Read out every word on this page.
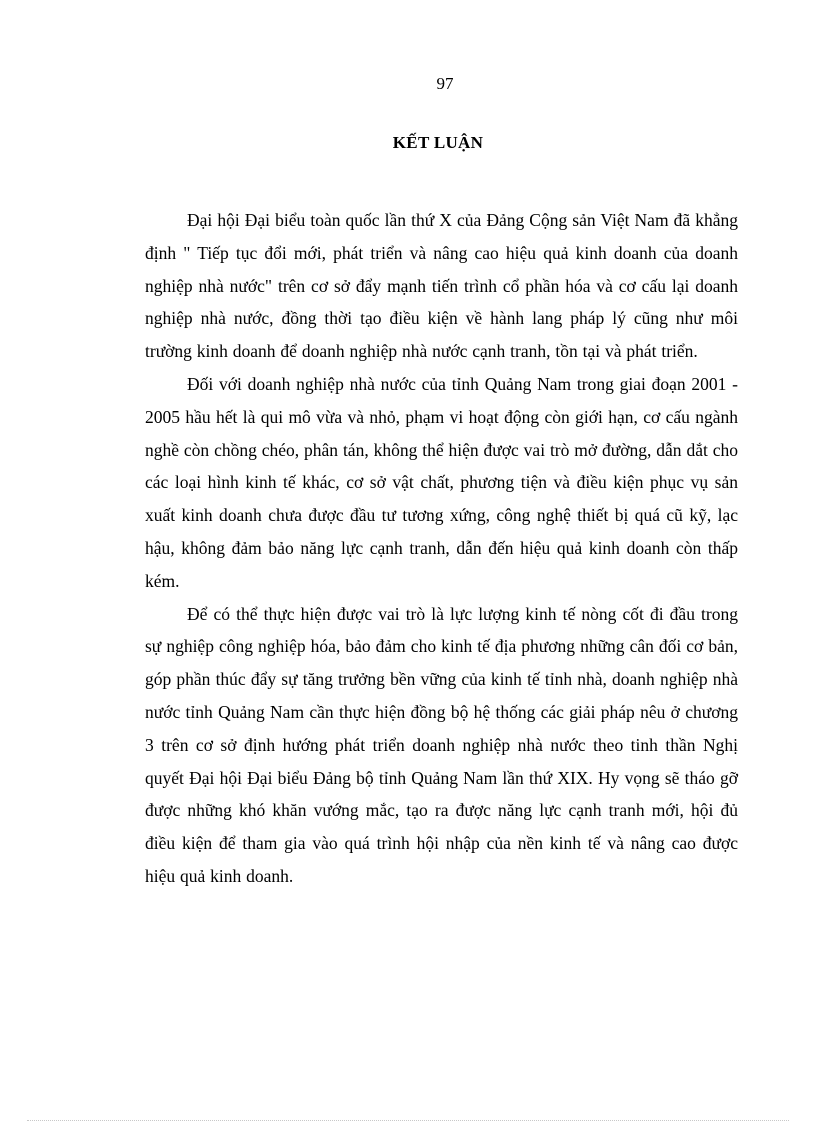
97
KẾT LUẬN

Đại hội Đại biểu toàn quốc lần thứ X của Đảng Cộng sản Việt Nam đã khẳng định " Tiếp tục đổi mới, phát triển và nâng cao hiệu quả kinh doanh của doanh nghiệp nhà nước" trên cơ sở đẩy mạnh tiến trình cổ phần hóa và cơ cấu lại doanh nghiệp nhà nước, đồng thời tạo điều kiện về hành lang pháp lý cũng như môi trường kinh doanh để doanh nghiệp nhà nước cạnh tranh, tồn tại và phát triển.

Đối với doanh nghiệp nhà nước của tỉnh Quảng Nam trong giai đoạn 2001 - 2005 hầu hết là qui mô vừa và nhỏ, phạm vi hoạt động còn giới hạn, cơ cấu ngành nghề còn chồng chéo, phân tán, không thể hiện được vai trò mở đường, dẫn dắt cho các loại hình kinh tế khác, cơ sở vật chất, phương tiện và điều kiện phục vụ sản xuất kinh doanh chưa được đầu tư tương xứng, công nghệ thiết bị quá cũ kỹ, lạc hậu, không đảm bảo năng lực cạnh tranh, dẫn đến hiệu quả kinh doanh còn thấp kém.

Để có thể thực hiện được vai trò là lực lượng kinh tế nòng cốt đi đầu trong sự nghiệp công nghiệp hóa, bảo đảm cho kinh tế địa phương những cân đối cơ bản, góp phần thúc đẩy sự tăng trưởng bền vững của kinh tế tỉnh nhà, doanh nghiệp nhà nước tỉnh Quảng Nam cần thực hiện đồng bộ hệ thống các giải pháp nêu ở chương 3 trên cơ sở định hướng phát triển doanh nghiệp nhà nước theo tinh thần Nghị quyết Đại hội Đại biểu Đảng bộ tỉnh Quảng Nam lần thứ XIX. Hy vọng sẽ tháo gỡ được những khó khăn vướng mắc, tạo ra được năng lực cạnh tranh mới, hội đủ điều kiện để tham gia vào quá trình hội nhập của nền kinh tế và nâng cao được hiệu quả kinh doanh.
